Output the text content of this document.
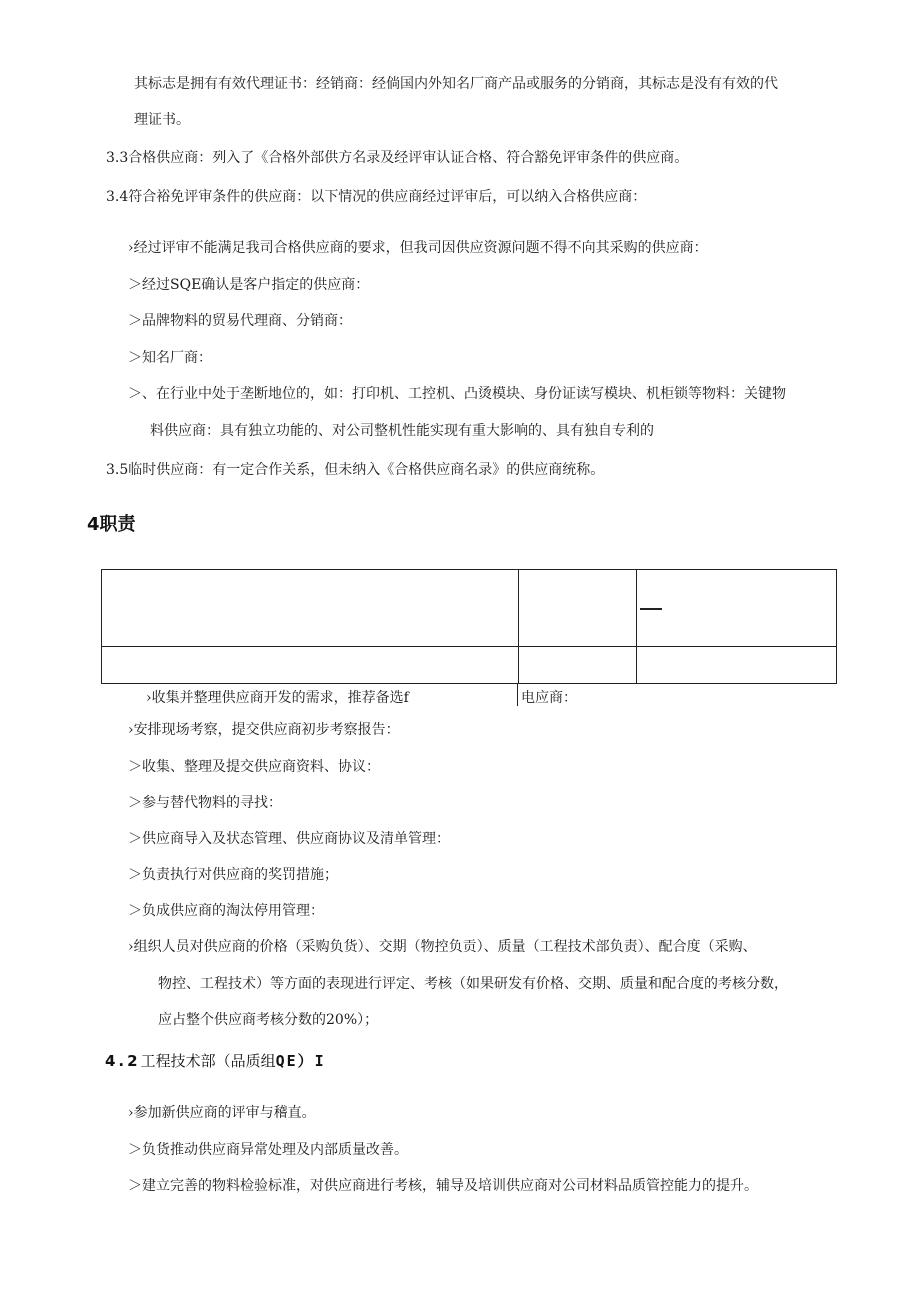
其标志是拥有有效代理证书：经销商：经倘国内外知名厂商产品或服务的分销商，其标志是没有有效的代
理证书。
3.3合格供应商：列入了《合格外部供方名录及经评审认证合格、符合豁免评审条件的供应商。
3.4符合裕免评审条件的供应商：以下情况的供应商经过评审后，可以纳入合格供应商：
›经过评审不能满足我司合格供应商的要求，但我司因供应资源问题不得不向其采购的供应商：
＞经过SQE确认是客户指定的供应商：
＞品牌物料的贸易代理商、分销商：
＞知名厂商：
＞、在行业中处于垄断地位的，如：打印机、工控机、凸烫模块、身份证读写模块、机柜锁等物料：关键物
料供应商：具有独立功能的、对公司整机性能实现有重大影响的、具有独自专利的
3.5临时供应商：有一定合作关系，但未纳入《合格供应商名录》的供应商统称。
4职责
›收集并整理供应商开发的需求，推荐备选f	电应商：
›安排现场考察，提交供应商初步考察报告：
＞收集、整理及提交供应商资料、协议：
＞参与替代物料的寻找：
＞供应商导入及状态管理、供应商协议及清单管理：
＞负责执行对供应商的奖罚措施；
＞负成供应商的淘汰停用管理：
›组织人员对供应商的价格（采购负货）、交期（物控负贡）、质量（工程技术部负责）、配合度（采购、
物控、工程技术）等方面的表现进行评定、考核（如果研发有价格、交期、质量和配合度的考核分数，
应占整个供应商考核分数的20%）；
4.2工程技术部（品质组QE）I
›参加新供应商的评审与稽直。
＞负货推动供应商异常处理及内部质量改善。
＞建立完善的物料检验标准，对供应商进行考核，辅导及培训供应商对公司材料品质管控能力的提升。
